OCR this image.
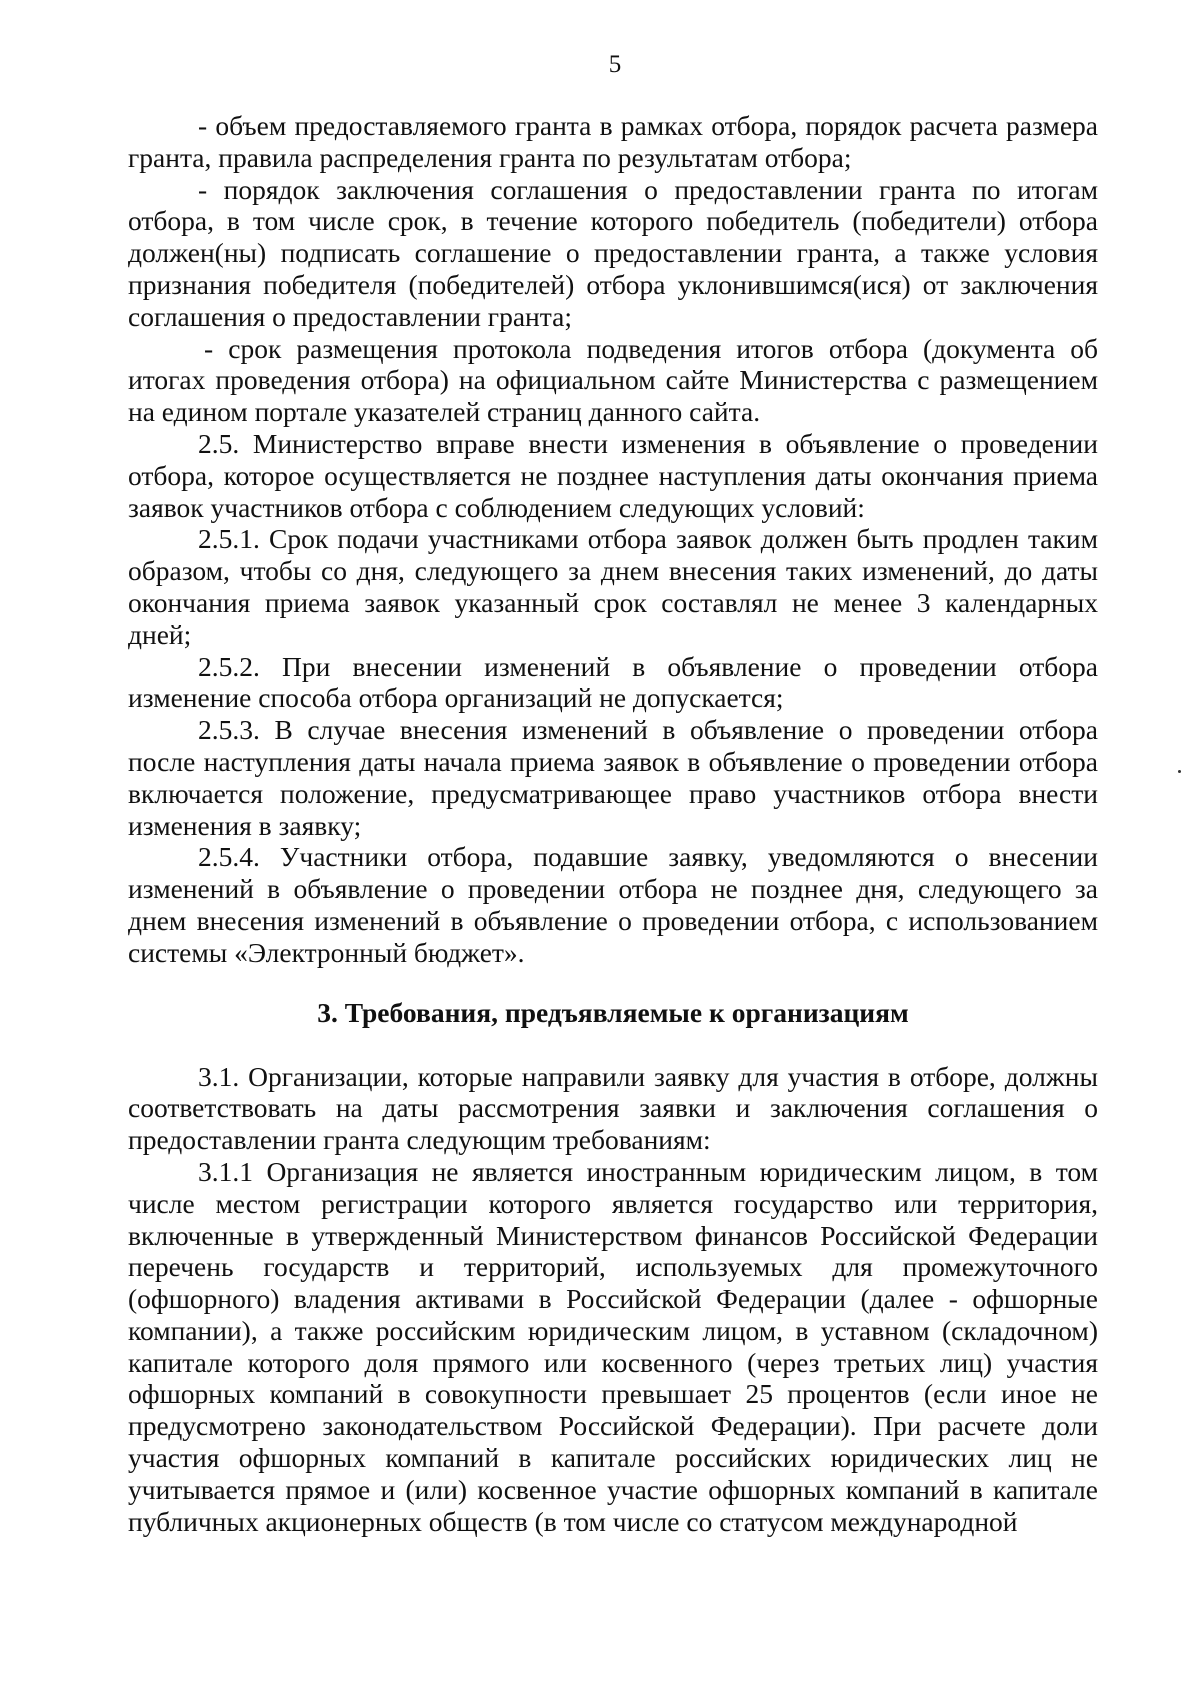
5

- объем предоставляемого гранта в рамках отбора, порядок расчета размера гранта, правила распределения гранта по результатам отбора;

- порядок заключения соглашения о предоставлении гранта по итогам отбора, в том числе срок, в течение которого победитель (победители) отбора должен(ны) подписать соглашение о предоставлении гранта, а также условия признания победителя (победителей) отбора уклонившимся(ися) от заключения соглашения о предоставлении гранта;

- срок размещения протокола подведения итогов отбора (документа об итогах проведения отбора) на официальном сайте Министерства с размещением на едином портале указателей страниц данного сайта.

2.5. Министерство вправе внести изменения в объявление о проведении отбора, которое осуществляется не позднее наступления даты окончания приема заявок участников отбора с соблюдением следующих условий:

2.5.1. Срок подачи участниками отбора заявок должен быть продлен таким образом, чтобы со дня, следующего за днем внесения таких изменений, до даты окончания приема заявок указанный срок составлял не менее 3 календарных дней;

2.5.2. При внесении изменений в объявление о проведении отбора изменение способа отбора организаций не допускается;

2.5.3. В случае внесения изменений в объявление о проведении отбора после наступления даты начала приема заявок в объявление о проведении отбора включается положение, предусматривающее право участников отбора внести изменения в заявку;

2.5.4. Участники отбора, подавшие заявку, уведомляются о внесении изменений в объявление о проведении отбора не позднее дня, следующего за днем внесения изменений в объявление о проведении отбора, с использованием системы «Электронный бюджет».

3. Требования, предъявляемые к организациям

3.1. Организации, которые направили заявку для участия в отборе, должны соответствовать на даты рассмотрения заявки и заключения соглашения о предоставлении гранта следующим требованиям:

3.1.1 Организация не является иностранным юридическим лицом, в том числе местом регистрации которого является государство или территория, включенные в утвержденный Министерством финансов Российской Федерации перечень государств и территорий, используемых для промежуточного (офшорного) владения активами в Российской Федерации (далее - офшорные компании), а также российским юридическим лицом, в уставном (складочном) капитале которого доля прямого или косвенного (через третьих лиц) участия офшорных компаний в совокупности превышает 25 процентов (если иное не предусмотрено законодательством Российской Федерации). При расчете доли участия офшорных компаний в капитале российских юридических лиц не учитывается прямое и (или) косвенное участие офшорных компаний в капитале публичных акционерных обществ (в том числе со статусом международной
